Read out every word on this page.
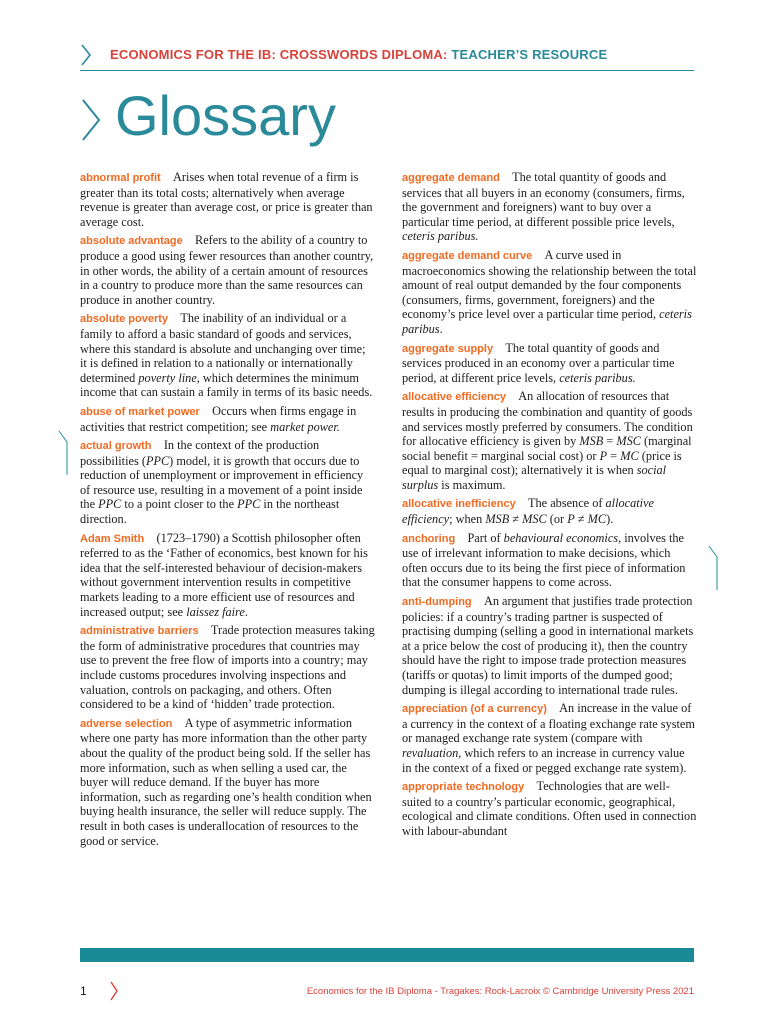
ECONOMICS FOR THE IB: CROSSWORDS DIPLOMA: TEACHER’S RESOURCE
Glossary

abnormal profit  Arises when total revenue of a firm is greater than its total costs; alternatively when average revenue is greater than average cost, or price is greater than average cost.

absolute advantage  Refers to the ability of a country to produce a good using fewer resources than another country, in other words, the ability of a certain amount of resources in a country to produce more than the same resources can produce in another country.

absolute poverty  The inability of an individual or a family to afford a basic standard of goods and services, where this standard is absolute and unchanging over time; it is defined in relation to a nationally or internationally determined poverty line, which determines the minimum income that can sustain a family in terms of its basic needs.

abuse of market power  Occurs when firms engage in activities that restrict competition; see market power.

actual growth  In the context of the production possibilities (PPC) model, it is growth that occurs due to reduction of unemployment or improvement in efficiency of resource use, resulting in a movement of a point inside the PPC to a point closer to the PPC in the northeast direction.

Adam Smith  (1723–1790) a Scottish philosopher often referred to as the ‘Father of economics, best known for his idea that the self-interested behaviour of decision-makers without government intervention results in competitive markets leading to a more efficient use of resources and increased output; see laissez faire.

administrative barriers  Trade protection measures taking the form of administrative procedures that countries may use to prevent the free flow of imports into a country; may include customs procedures involving inspections and valuation, controls on packaging, and others. Often considered to be a kind of ‘hidden’ trade protection.

adverse selection  A type of asymmetric information where one party has more information than the other party about the quality of the product being sold. If the seller has more information, such as when selling a used car, the buyer will reduce demand. If the buyer has more information, such as regarding one’s health condition when buying health insurance, the seller will reduce supply. The result in both cases is underallocation of resources to the good or service.

aggregate demand  The total quantity of goods and services that all buyers in an economy (consumers, firms, the government and foreigners) want to buy over a particular time period, at different possible price levels, ceteris paribus.

aggregate demand curve  A curve used in macroeconomics showing the relationship between the total amount of real output demanded by the four components (consumers, firms, government, foreigners) and the economy’s price level over a particular time period, ceteris paribus.

aggregate supply  The total quantity of goods and services produced in an economy over a particular time period, at different price levels, ceteris paribus.

allocative efficiency  An allocation of resources that results in producing the combination and quantity of goods and services mostly preferred by consumers. The condition for allocative efficiency is given by MSB = MSC (marginal social benefit = marginal social cost) or P = MC (price is equal to marginal cost); alternatively it is when social surplus is maximum.

allocative inefficiency  The absence of allocative efficiency; when MSB ≠ MSC (or P ≠ MC).

anchoring  Part of behavioural economics, involves the use of irrelevant information to make decisions, which often occurs due to its being the first piece of information that the consumer happens to come across.

anti-dumping  An argument that justifies trade protection policies: if a country’s trading partner is suspected of practising dumping (selling a good in international markets at a price below the cost of producing it), then the country should have the right to impose trade protection measures (tariffs or quotas) to limit imports of the dumped good; dumping is illegal according to international trade rules.

appreciation (of a currency)  An increase in the value of a currency in the context of a floating exchange rate system or managed exchange rate system (compare with revaluation, which refers to an increase in currency value in the context of a fixed or pegged exchange rate system).

appropriate technology  Technologies that are well-suited to a country’s particular economic, geographical, ecological and climate conditions. Often used in connection with labour-abundant

1	Economics for the IB Diploma - Tragakes: Rock-Lacroix © Cambridge University Press 2021
